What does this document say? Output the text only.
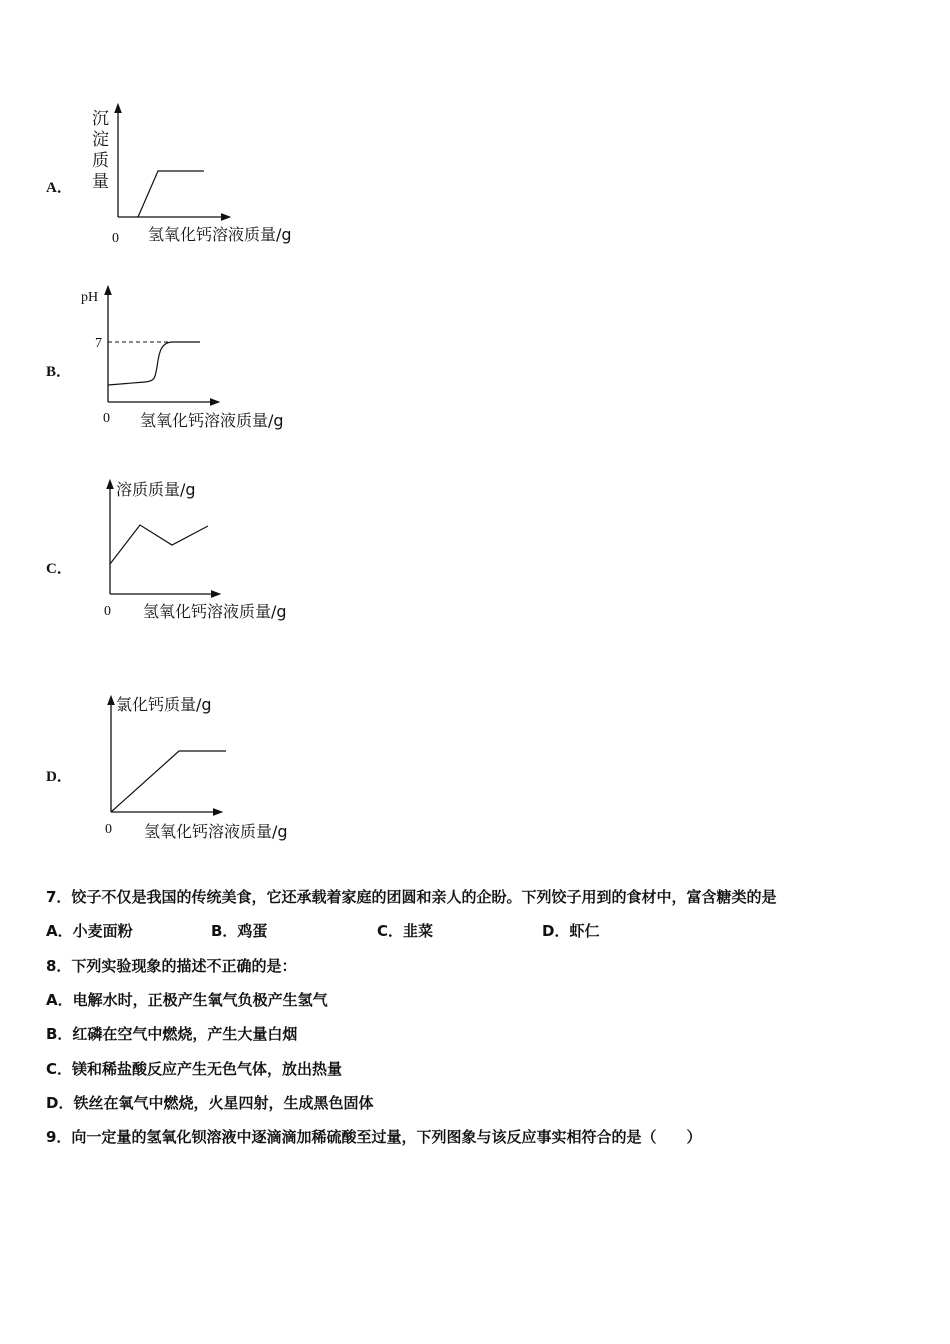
A．
沉
淀
质
量
0 氢氧化钙溶液质量/g
B．
pH
7
0 氢氧化钙溶液质量/g
C．
溶质质量/g
0 氢氧化钙溶液质量/g
D．
氯化钙质量/g
0 氢氧化钙溶液质量/g
7．饺子不仅是我国的传统美食，它还承载着家庭的团圆和亲人的企盼。下列饺子用到的食材中，富含糖类的是
A．小麦面粉	B．鸡蛋	C．韭菜	D．虾仁
8．下列实验现象的描述不正确的是：
A．电解水时，正极产生氧气负极产生氢气
B．红磷在空气中燃烧，产生大量白烟
C．镁和稀盐酸反应产生无色气体，放出热量
D．铁丝在氧气中燃烧，火星四射，生成黑色固体
9．向一定量的氢氧化钡溶液中逐滴滴加稀硫酸至过量，下列图象与该反应事实相符合的是（　　）
